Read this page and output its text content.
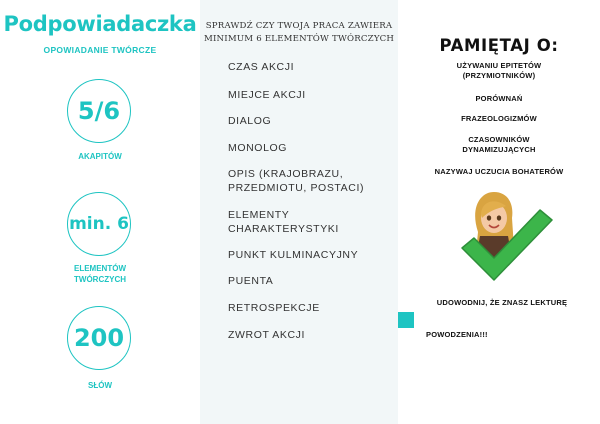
Podpowiadaczka
OPOWIADANIE TWÓRCZE
5/6
AKAPITÓW
min. 6
ELEMENTÓW TWÓRCZYCH
200
SŁÓW
SPRAWDŹ CZY TWOJA PRACA ZAWIERA
MINIMUM 6 ELEMENTÓW TWÓRCZYCH
CZAS AKCJI
MIEJCE AKCJI
DIALOG
MONOLOG
OPIS (KRAJOBRAZU, PRZEDMIOTU, POSTACI)
ELEMENTY CHARAKTERYSTYKI
PUNKT KULMINACYJNY
PUENTA
RETROSPEKCJE
ZWROT AKCJI
PAMIĘTAJ O:
UŻYWANIU EPITETÓW (PRZYMIOTNIKÓW)
PORÓWNAŃ
FRAZEOLOGIZMÓW
CZASOWNIKÓW DYNAMIZUJĄCYCH
NAZYWAJ UCZUCIA BOHATERÓW
UDOWODNIJ, ŻE ZNASZ LEKTURĘ
POWODZENIA!!!
